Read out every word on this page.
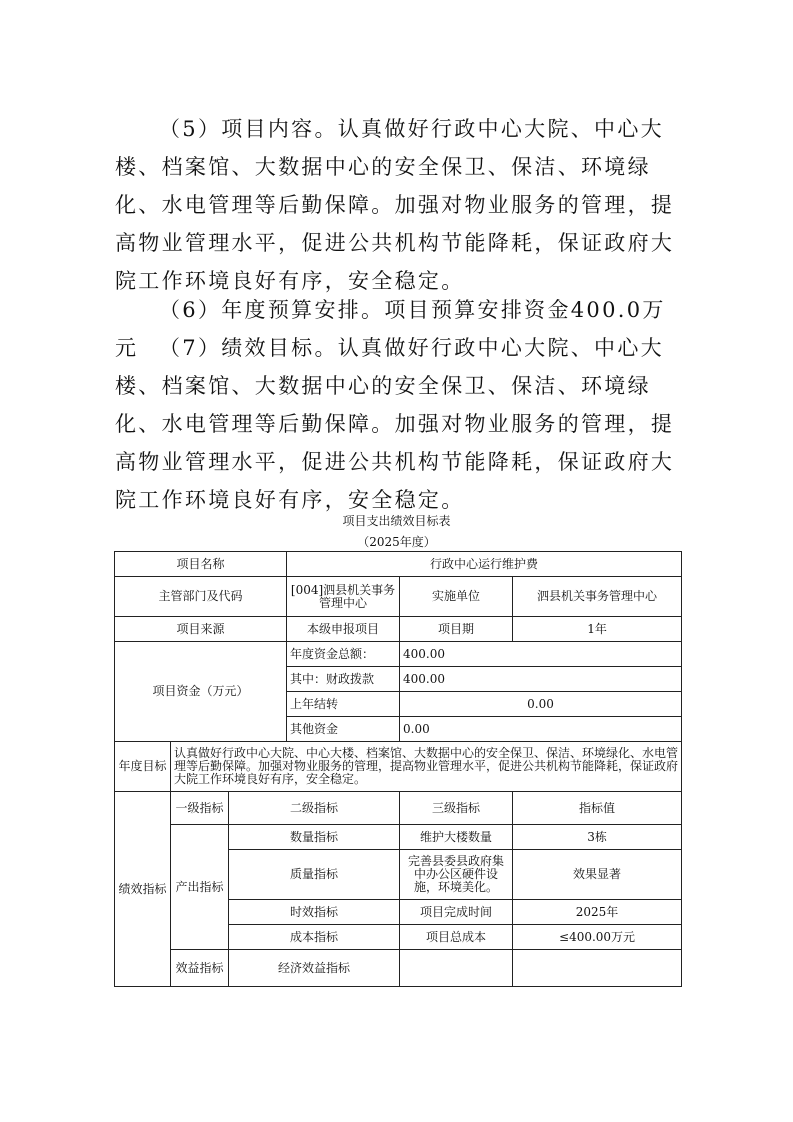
（5）项目内容。认真做好行政中心大院、中心大楼、档案馆、大数据中心的安全保卫、保洁、环境绿化、水电管理等后勤保障。加强对物业服务的管理，提高物业管理水平，促进公共机构节能降耗，保证政府大院工作环境良好有序，安全稳定。

（6）年度预算安排。项目预算安排资金400.0万元 （7）绩效目标。认真做好行政中心大院、中心大楼、档案馆、大数据中心的安全保卫、保洁、环境绿化、水电管理等后勤保障。加强对物业服务的管理，提高物业管理水平，促进公共机构节能降耗，保证政府大院工作环境良好有序，安全稳定。

项目支出绩效目标表
（2025年度）
项目名称			行政中心运行维护费		
主管部门及代码			[004]泗县机关事务管理中心	实施单位	泗县机关事务管理中心
项目来源			本级申报项目	项目期	1年
项目资金（万元）			年度资金总额：	400.00	
			其中：财政拨款	400.00	
			上年结转	0.00	
			其他资金	0.00	
年度目标	认真做好行政中心大院、中心大楼、档案馆、大数据中心的安全保卫、保洁、环境绿化、水电管理等后勤保障。加强对物业服务的管理，提高物业管理水平，促进公共机构节能降耗，保证政府大院工作环境良好有序，安全稳定。				
绩效指标	一级指标	二级指标		三级指标	指标值
	产出指标	数量指标		维护大楼数量	3栋
		质量指标		完善县委县政府集中办公区硬件设施，环境美化。	效果显著
		时效指标		项目完成时间	2025年
		成本指标		项目总成本	≤400.00万元
	效益指标	经济效益指标			
